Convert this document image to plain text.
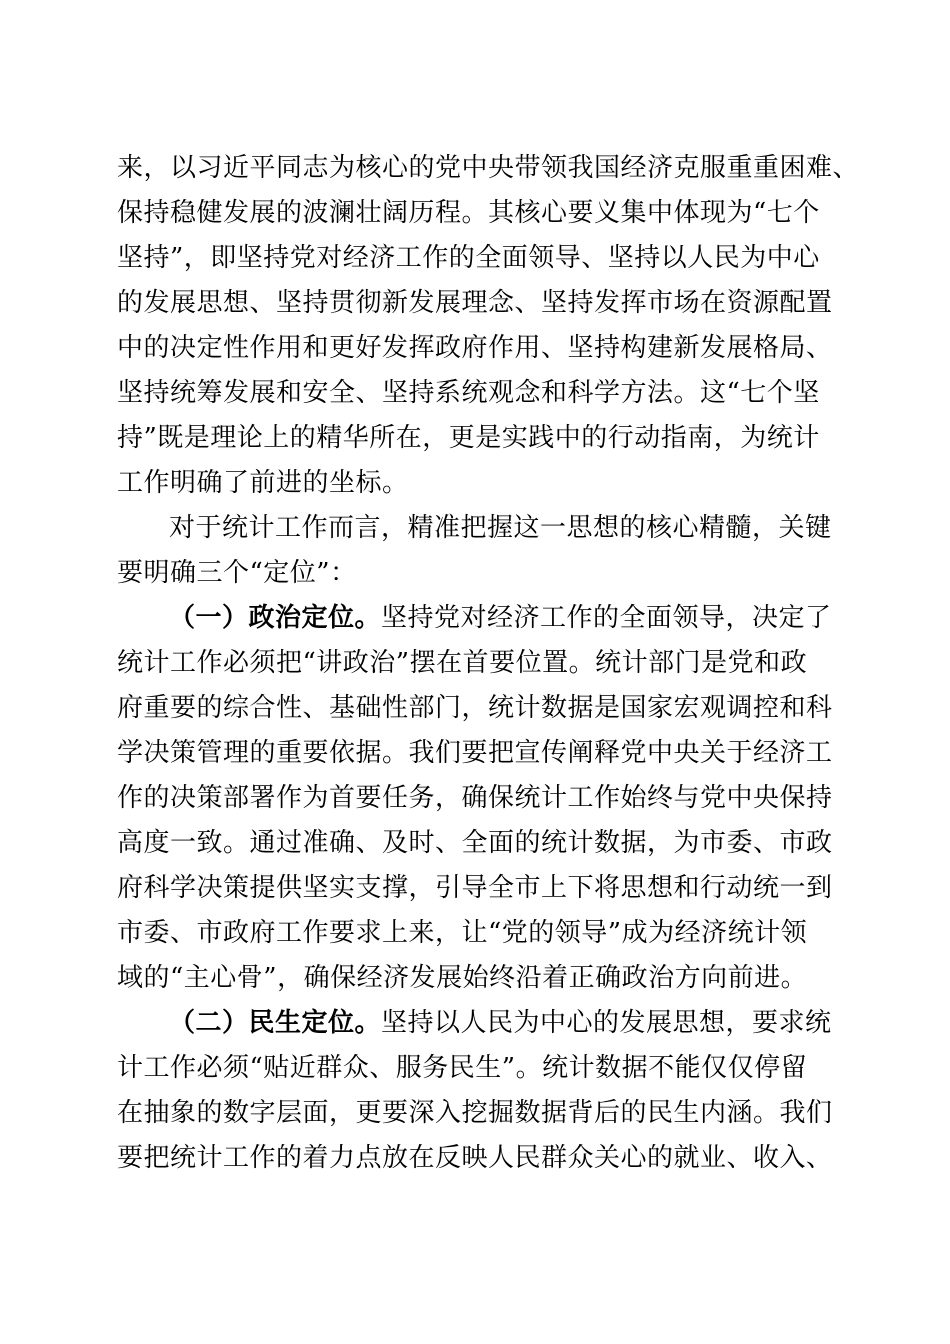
来，以习近平同志为核心的党中央带领我国经济克服重重困难、
保持稳健发展的波澜壮阔历程。其核心要义集中体现为“七个
坚持”，即坚持党对经济工作的全面领导、坚持以人民为中心
的发展思想、坚持贯彻新发展理念、坚持发挥市场在资源配置
中的决定性作用和更好发挥政府作用、坚持构建新发展格局、
坚持统筹发展和安全、坚持系统观念和科学方法。这“七个坚
持”既是理论上的精华所在，更是实践中的行动指南，为统计
工作明确了前进的坐标。
对于统计工作而言，精准把握这一思想的核心精髓，关键
要明确三个“定位”：
（一）政治定位。坚持党对经济工作的全面领导，决定了
统计工作必须把“讲政治”摆在首要位置。统计部门是党和政
府重要的综合性、基础性部门，统计数据是国家宏观调控和科
学决策管理的重要依据。我们要把宣传阐释党中央关于经济工
作的决策部署作为首要任务，确保统计工作始终与党中央保持
高度一致。通过准确、及时、全面的统计数据，为市委、市政
府科学决策提供坚实支撑，引导全市上下将思想和行动统一到
市委、市政府工作要求上来，让“党的领导”成为经济统计领
域的“主心骨”，确保经济发展始终沿着正确政治方向前进。
（二）民生定位。坚持以人民为中心的发展思想，要求统
计工作必须“贴近群众、服务民生”。统计数据不能仅仅停留
在抽象的数字层面，更要深入挖掘数据背后的民生内涵。我们
要把统计工作的着力点放在反映人民群众关心的就业、收入、
